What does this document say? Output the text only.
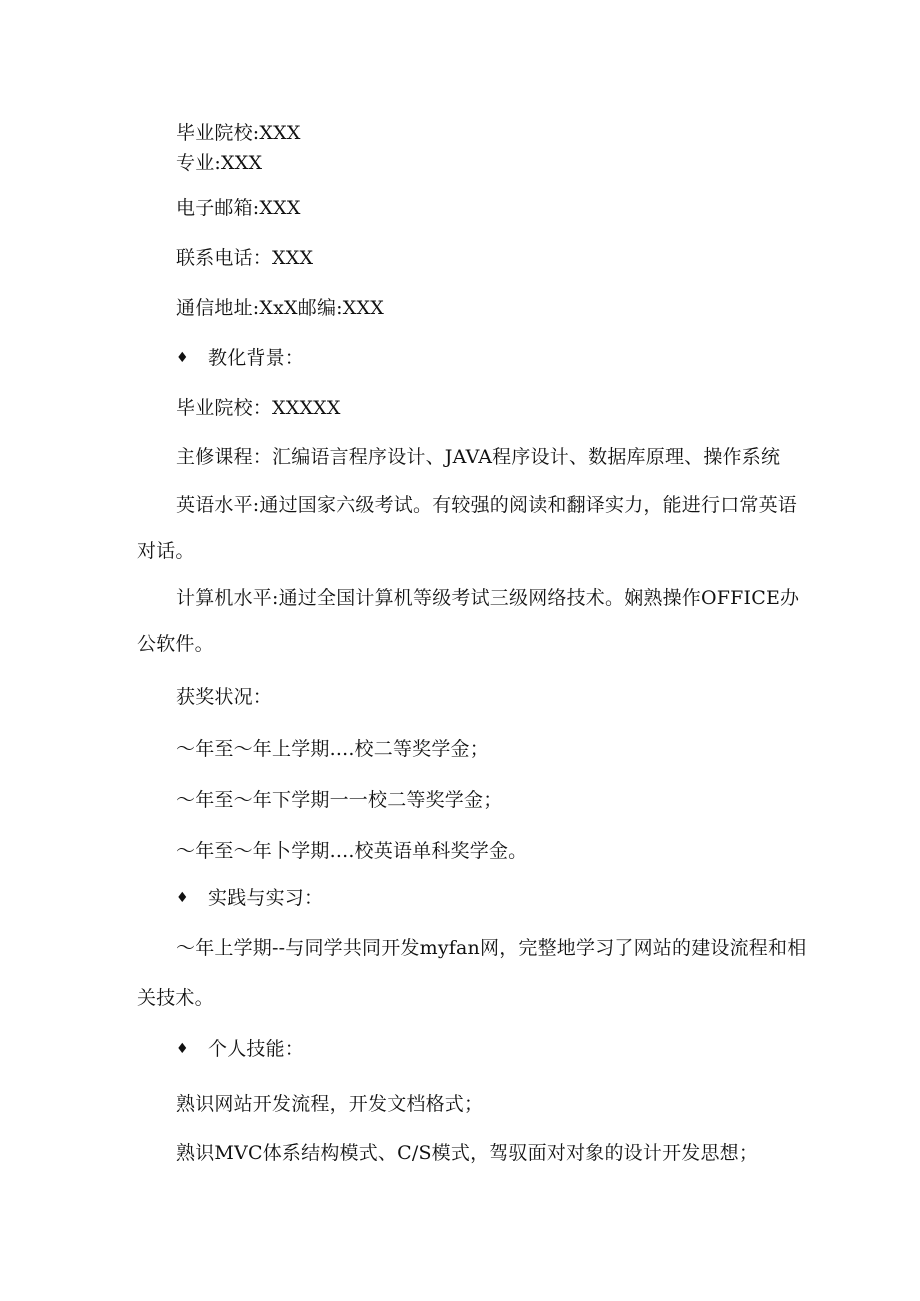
毕业院校:XXX
专业:XXX
电子邮箱:XXX
联系电话：XXX
通信地址:XxX邮编:XXX
♦	教化背景：
毕业院校：XXXXX
主修课程：汇编语言程序设计、JAVA程序设计、数据库原理、操作系统
英语水平:通过国家六级考试。有较强的阅读和翻译实力，能进行口常英语
对话。
计算机水平:通过全国计算机等级考试三级网络技术。娴熟操作OFFICE办
公软件。
获奖状况：
～年至～年上学期....校二等奖学金；
～年至～年下学期一一校二等奖学金；
～年至～年卜学期....校英语单科奖学金。
♦	实践与实习：
～年上学期--与同学共同开发myfan网，完整地学习了网站的建设流程和相
关技术。
♦	个人技能：
熟识网站开发流程，开发文档格式；
熟识MVC体系结构模式、C/S模式，驾驭面对对象的设计开发思想；
